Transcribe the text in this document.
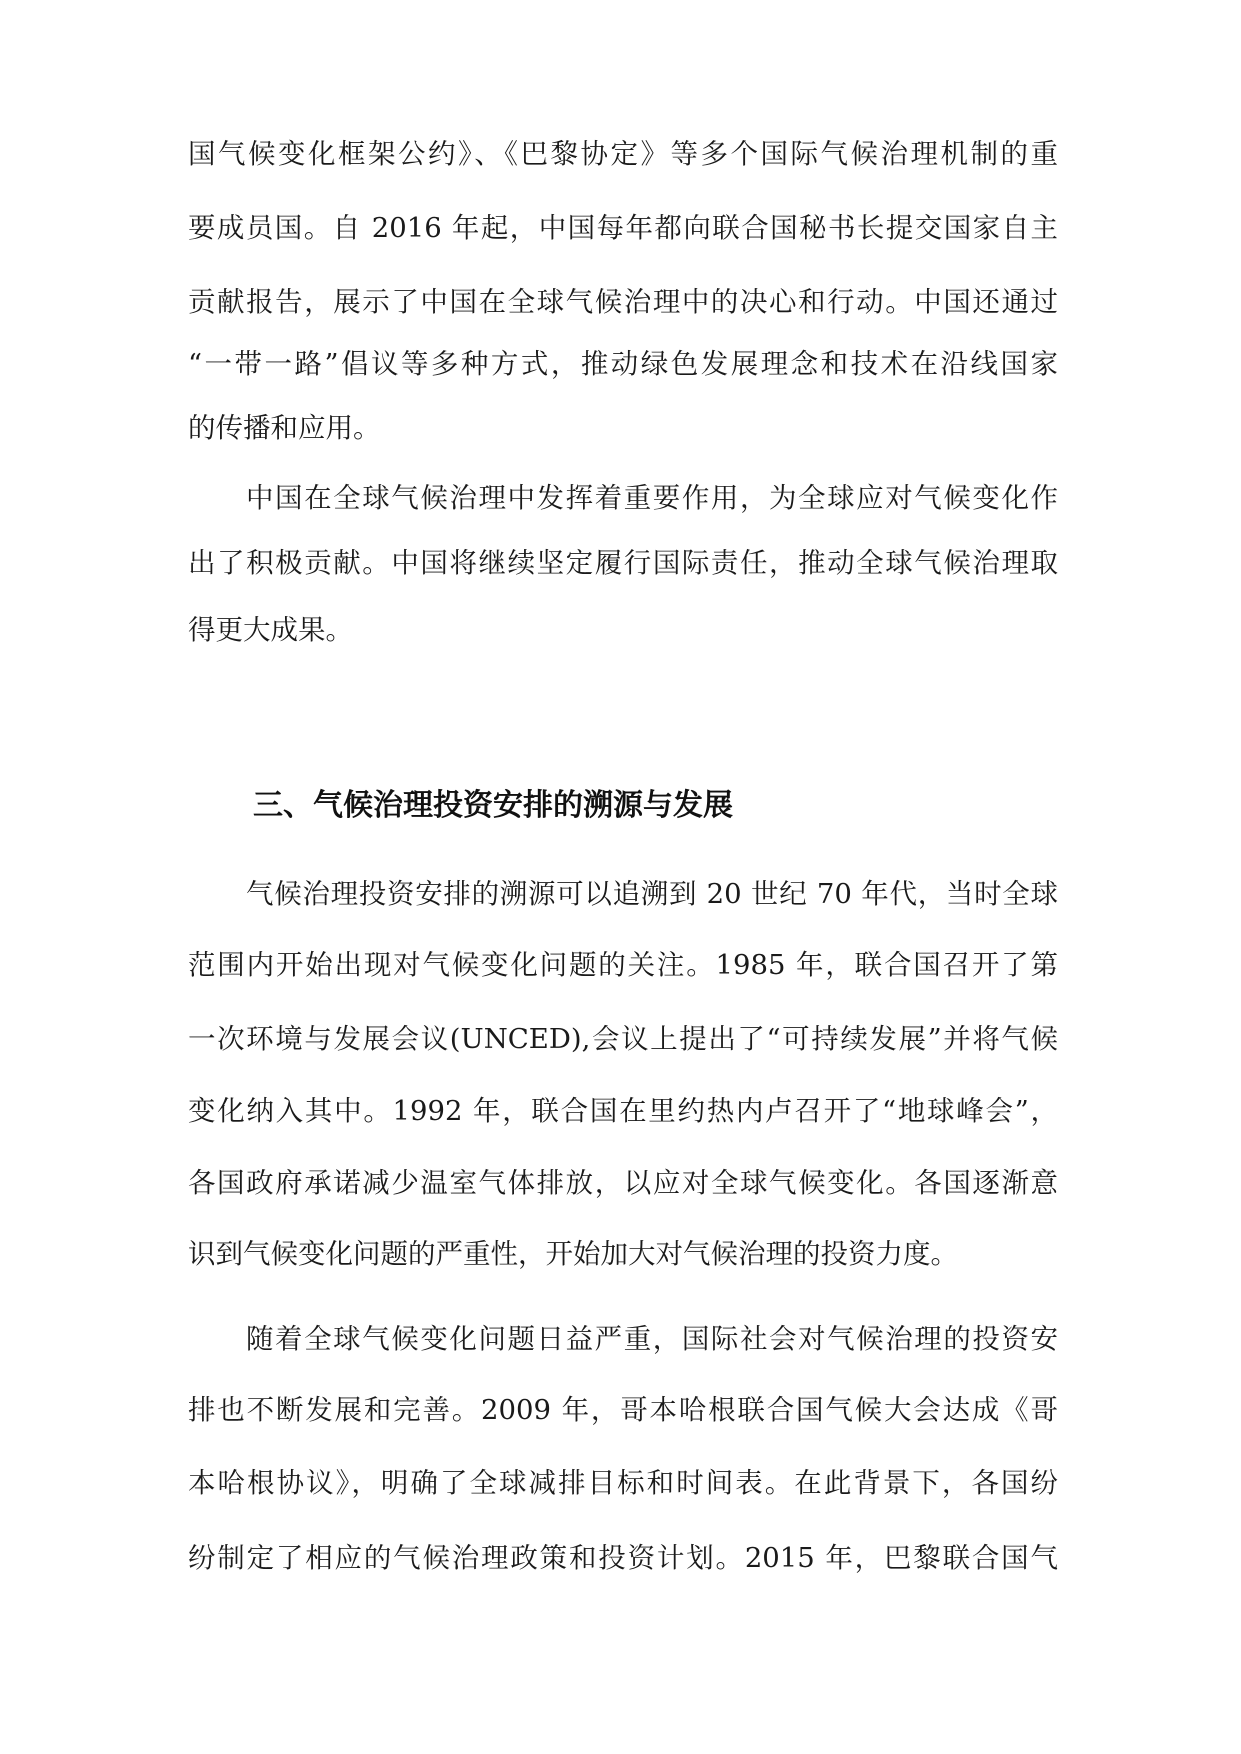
国气候变化框架公约》、《巴黎协定》等多个国际气候治理机制的重
要成员国。自 2016 年起，中国每年都向联合国秘书长提交国家自主
贡献报告，展示了中国在全球气候治理中的决心和行动。中国还通过
“一带一路”倡议等多种方式，推动绿色发展理念和技术在沿线国家
的传播和应用。
中国在全球气候治理中发挥着重要作用，为全球应对气候变化作
出了积极贡献。中国将继续坚定履行国际责任，推动全球气候治理取
得更大成果。
三、气候治理投资安排的溯源与发展
气候治理投资安排的溯源可以追溯到 20 世纪 70 年代，当时全球
范围内开始出现对气候变化问题的关注。1985 年，联合国召开了第
一次环境与发展会议(UNCED),会议上提出了“可持续发展”并将气候
变化纳入其中。1992 年，联合国在里约热内卢召开了“地球峰会”，
各国政府承诺减少温室气体排放，以应对全球气候变化。各国逐渐意
识到气候变化问题的严重性，开始加大对气候治理的投资力度。
随着全球气候变化问题日益严重，国际社会对气候治理的投资安
排也不断发展和完善。2009 年，哥本哈根联合国气候大会达成《哥
本哈根协议》，明确了全球减排目标和时间表。在此背景下，各国纷
纷制定了相应的气候治理政策和投资计划。2015 年，巴黎联合国气
